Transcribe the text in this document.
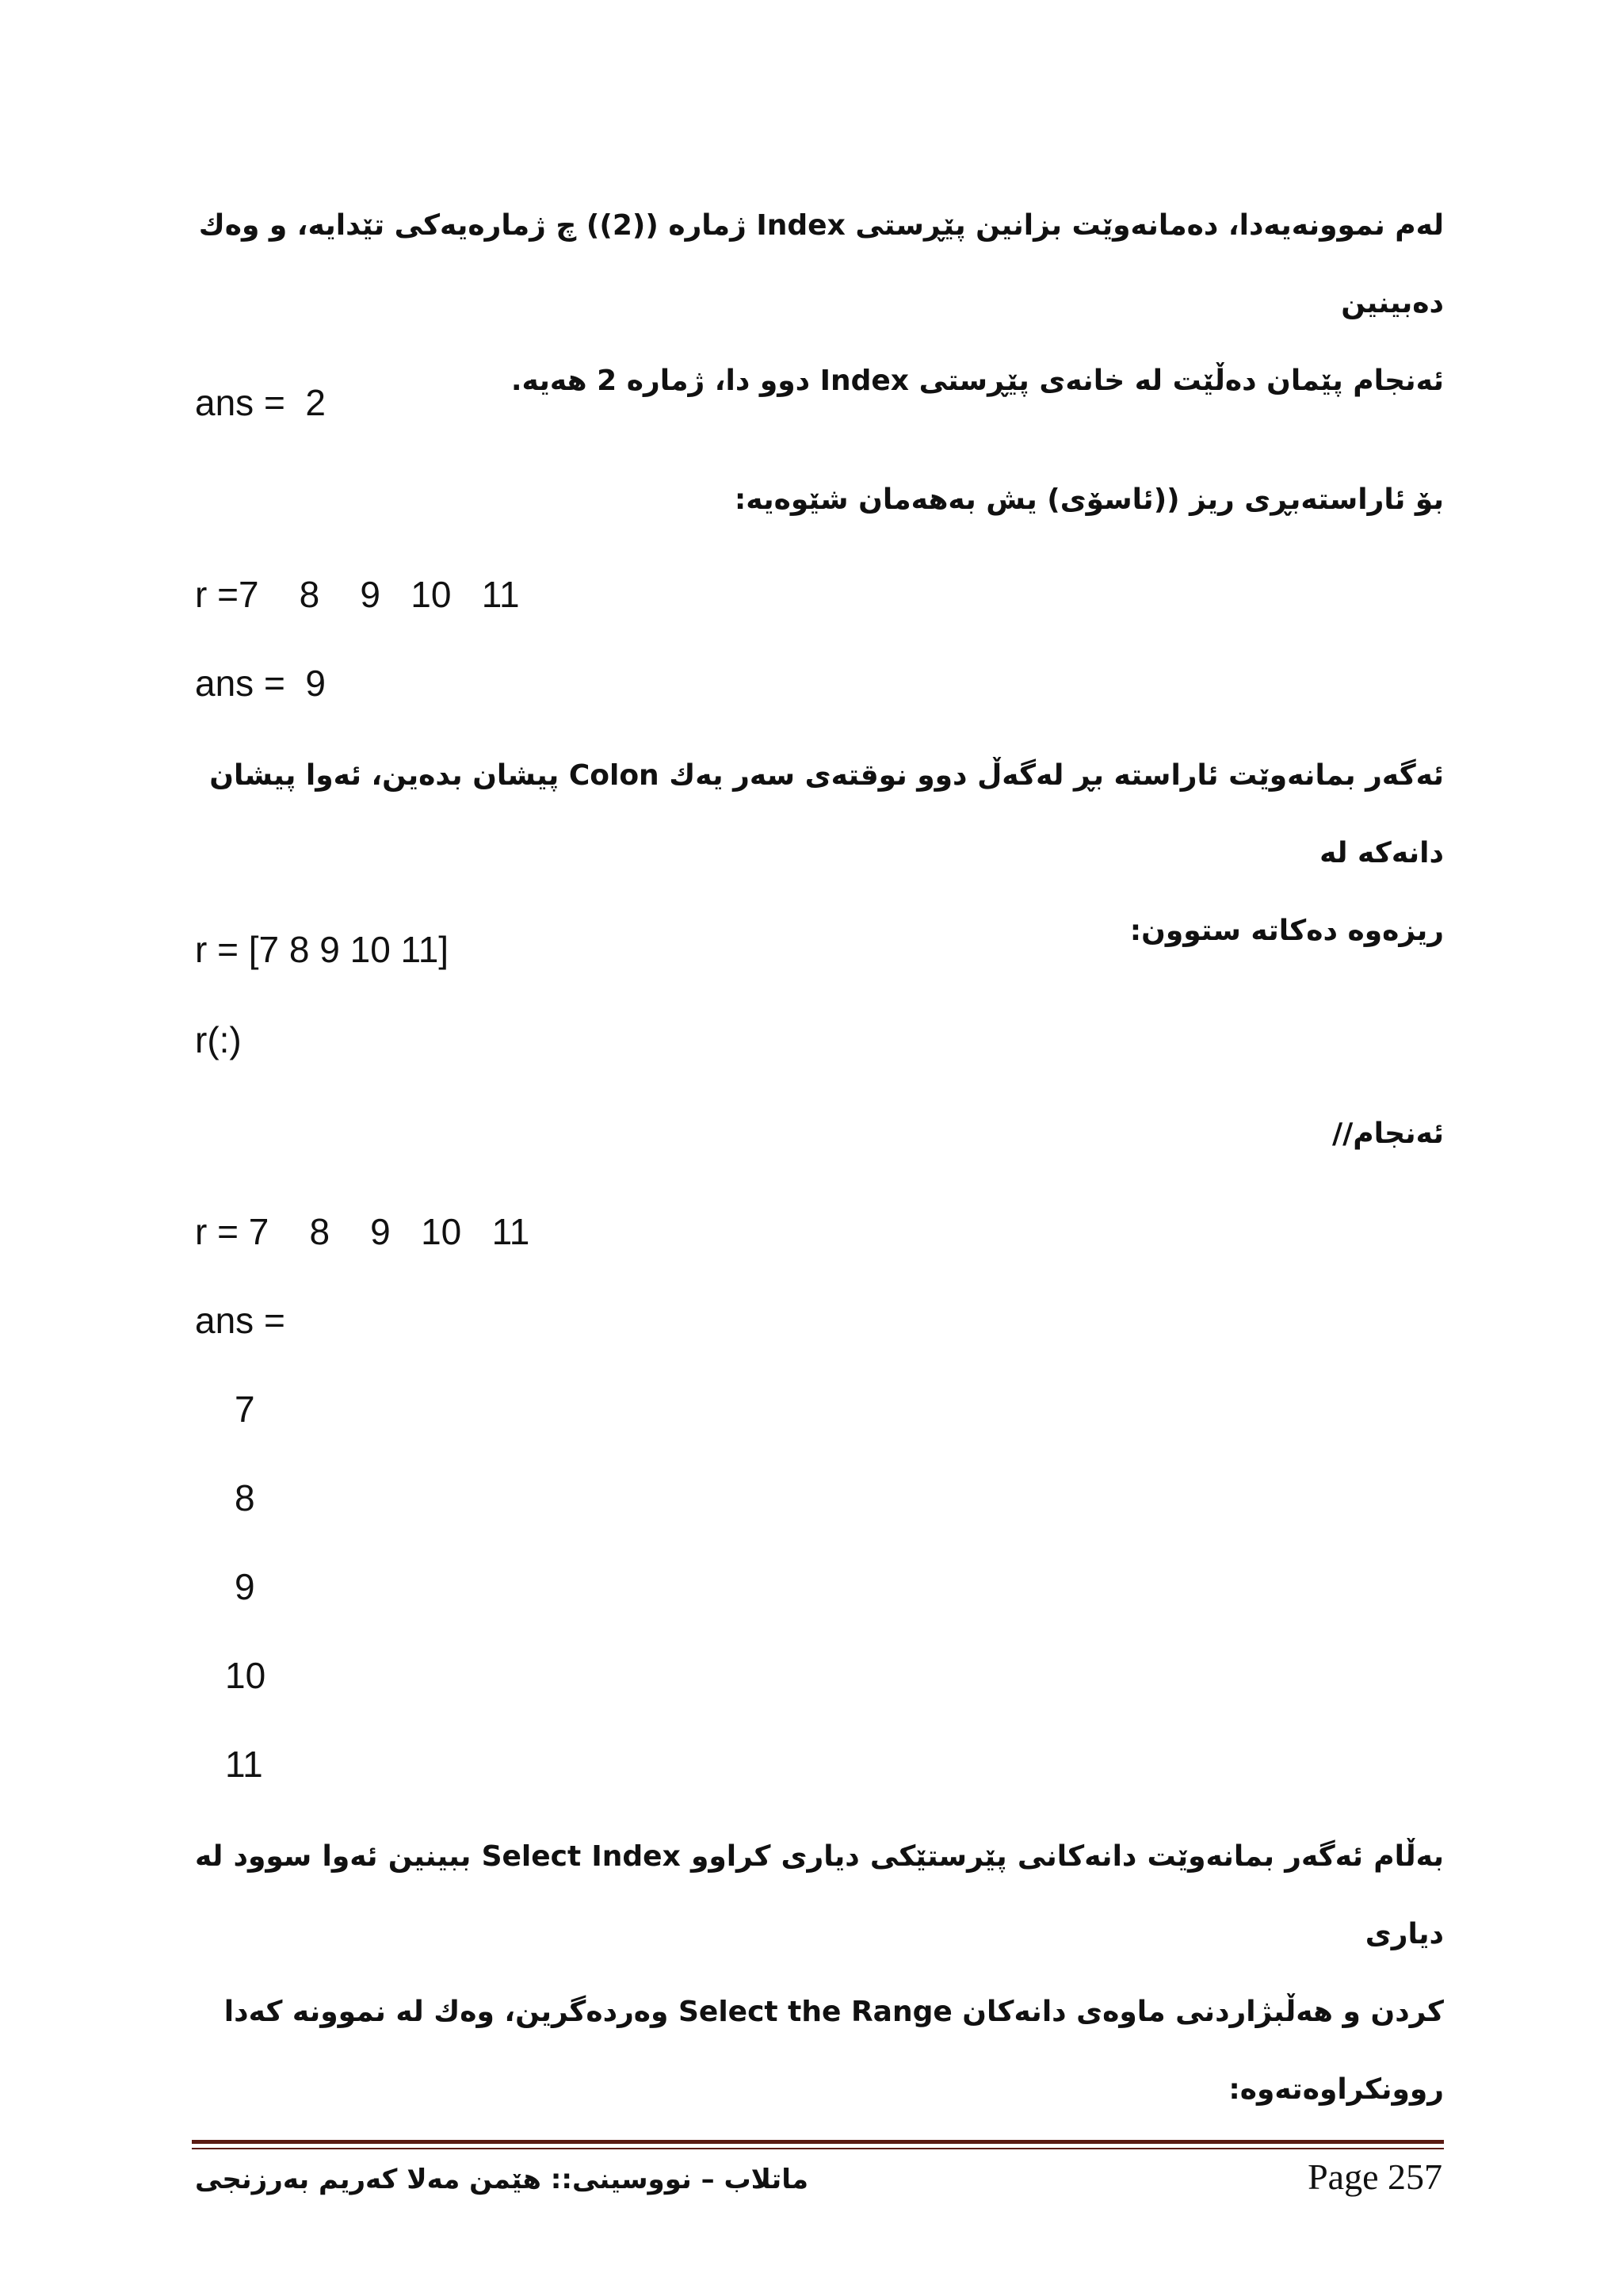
لەم نموونەیەدا، دەمانەوێت بزانین پێڕستی Index ژمارە ((2)) چ ژمارەیەکی تێدایە، و وەك دەبینین
ئەنجام پێمان دەڵێت لە خانەی پێڕستی Index دوو دا، ژمارە 2 هەیە.
ans =  2
بۆ ئاراستەبڕی ریز ((ئاسۆی) یش بەهەمان شێوەیە:
r =7    8    9   10   11
ans =  9
ئەگەر بمانەوێت ئاراستە بڕ لەگەڵ دوو نوقتەی سەر یەك Colon پیشان بدەین، ئەوا پیشان دانەکە لە
ریزەوە دەکاتە ستوون:
r = [7 8 9 10 11]
r(:)
ئەنجام//
r = 7    8    9   10   11
ans =
7
8
9
10
11
بەڵام ئەگەر بمانەوێت دانەکانی پێرستێکی دیاری کراوو Select Index ببینین ئەوا سوود لە دیاری
کردن و هەڵبژاردنی ماوەی دانەکان Select the Range وەردەگرین، وەك لە نموونە کەدا
روونکراوەتەوە:
ماتلاب – نووسینی:: هێمن مەلا کەریم بەرزنجی	Page 257
